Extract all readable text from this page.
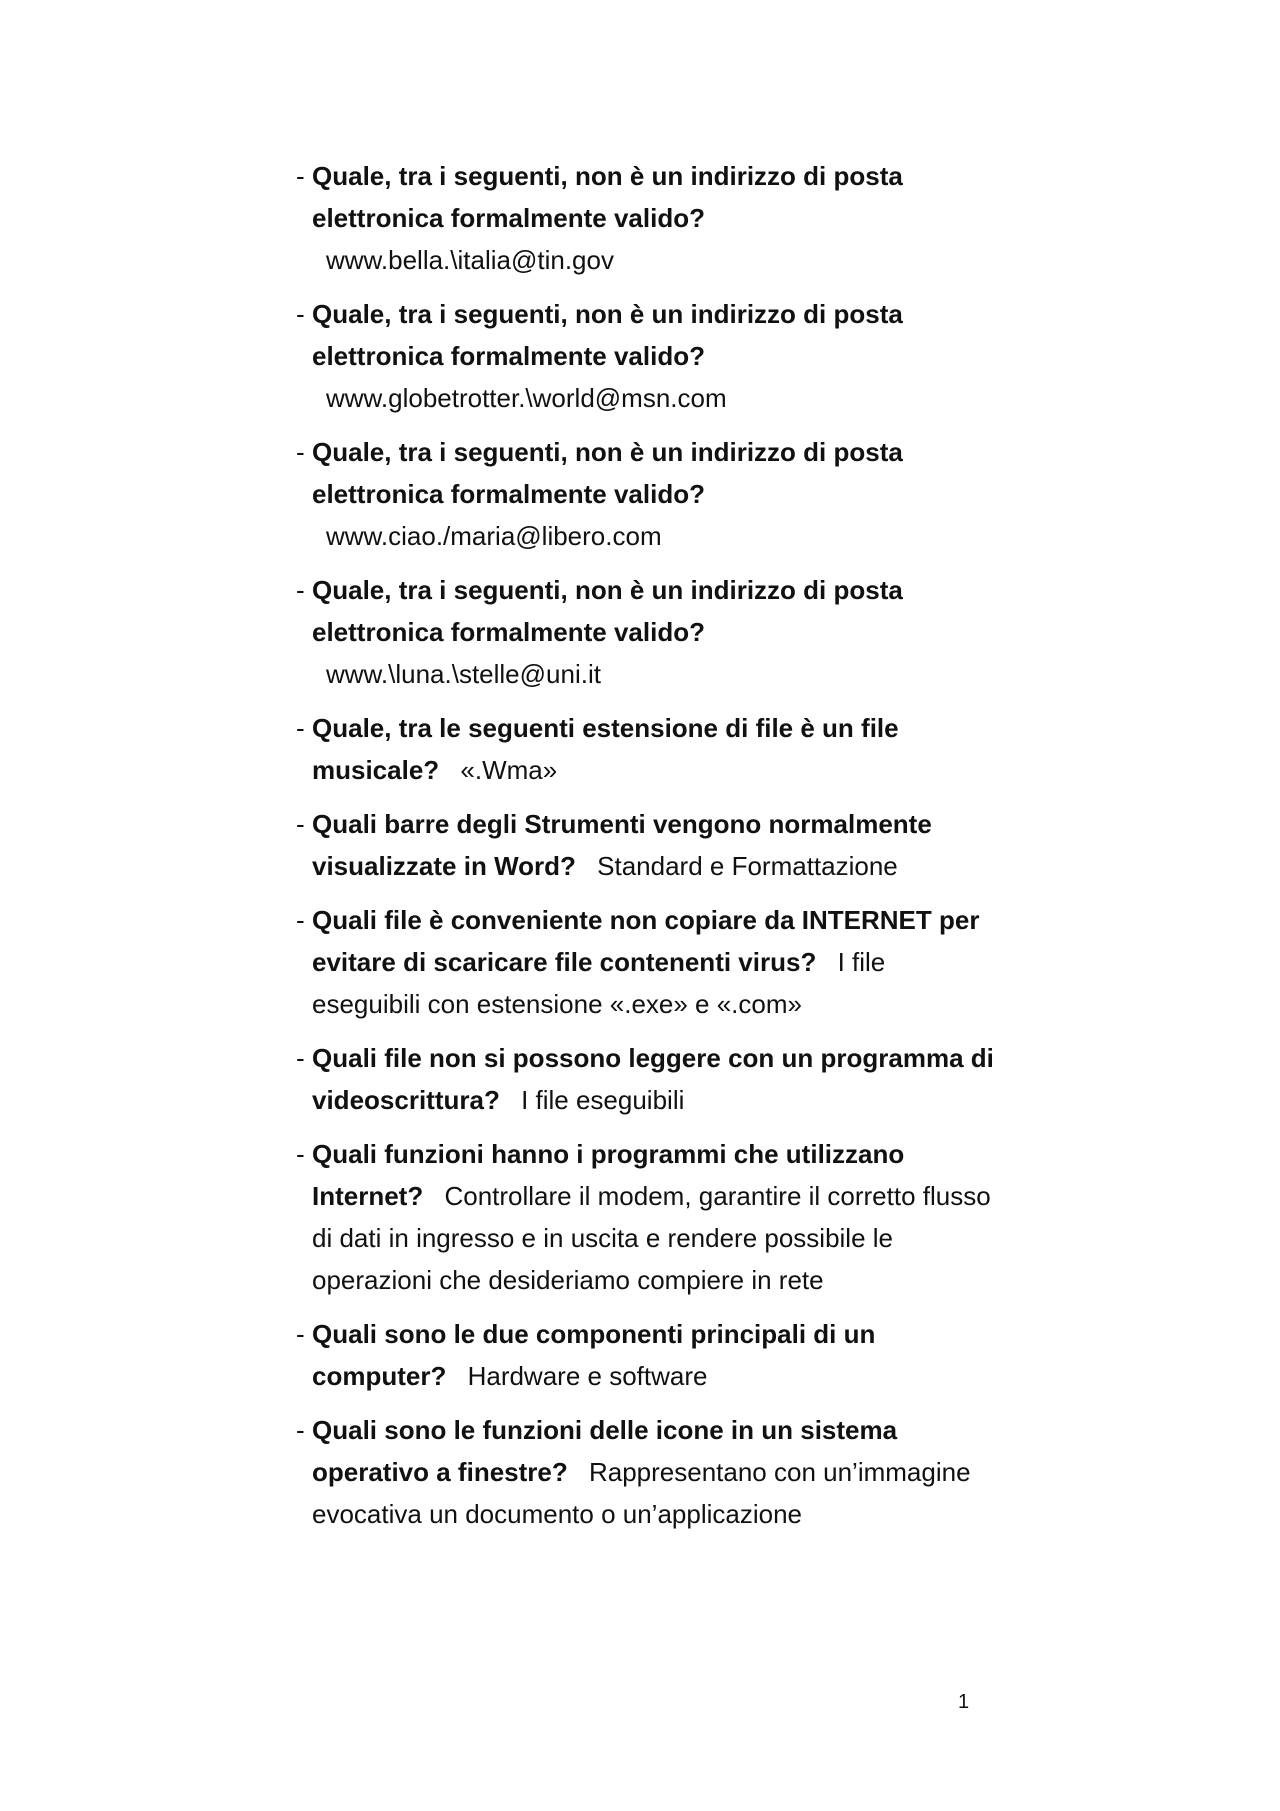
- Quale, tra i seguenti, non è un indirizzo di posta elettronica formalmente valido? www.bella.\italia@tin.gov
- Quale, tra i seguenti, non è un indirizzo di posta elettronica formalmente valido? www.globetrotter.\world@msn.com
- Quale, tra i seguenti, non è un indirizzo di posta elettronica formalmente valido? www.ciao./maria@libero.com
- Quale, tra i seguenti, non è un indirizzo di posta elettronica formalmente valido? www.\luna.\stelle@uni.it
- Quale, tra le seguenti estensione di file è un file musicale? «.Wma»
- Quali barre degli Strumenti vengono normalmente visualizzate in Word? Standard e Formattazione
- Quali file è conveniente non copiare da INTERNET per evitare di scaricare file contenenti virus? I file eseguibili con estensione «.exe» e «.com»
- Quali file non si possono leggere con un programma di videoscrittura? I file eseguibili
- Quali funzioni hanno i programmi che utilizzano Internet? Controllare il modem, garantire il corretto flusso di dati in ingresso e in uscita e rendere possibile le operazioni che desideriamo compiere in rete
- Quali sono le due componenti principali di un computer? Hardware e software
- Quali sono le funzioni delle icone in un sistema operativo a finestre? Rappresentano con un’immagine evocativa un documento o un’applicazione
1
